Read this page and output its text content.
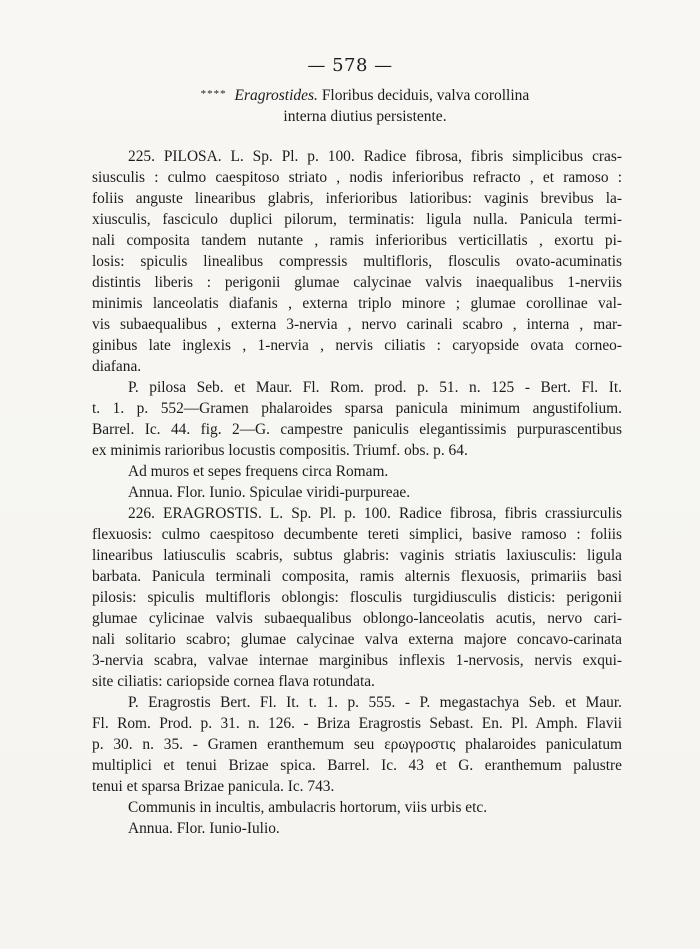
— 578 —
**** Eragrostides. Floribus deciduis, valva corollina
interna diutius persistente.
225. PILOSA. L. Sp. Pl. p. 100. Radice fibrosa, fibris simplicibus cras-
siusculis : culmo caespitoso striato , nodis inferioribus refracto , et ramoso :
foliis anguste linearibus glabris, inferioribus latioribus: vaginis brevibus la-
xiusculis, fasciculo duplici pilorum, terminatis: ligula nulla. Panicula termi-
nali composita tandem nutante , ramis inferioribus verticillatis , exortu pi-
losis: spiculis linealibus compressis multifloris, flosculis ovato-acuminatis
distintis liberis : perigonii glumae calycinae valvis inaequalibus 1-nerviis
minimis lanceolatis diafanis , externa triplo minore ; glumae corollinae val-
vis subaequalibus , externa 3-nervia , nervo carinali scabro , interna , mar-
ginibus late inglexis , 1-nervia , nervis ciliatis : caryopside ovata corneo-
diafana.
P. pilosa Seb. et Maur. Fl. Rom. prod. p. 51. n. 125 - Bert. Fl. It.
t. 1. p. 552—Gramen phalaroides sparsa panicula minimum angustifolium.
Barrel. Ic. 44. fig. 2—G. campestre paniculis elegantissimis purpurascentibus
ex minimis rarioribus locustis compositis. Triumf. obs. p. 64.
Ad muros et sepes frequens circa Romam.
Annua. Flor. Iunio. Spiculae viridi-purpureae.
226. ERAGROSTIS. L. Sp. Pl. p. 100. Radice fibrosa, fibris crassiurculis
flexuosis: culmo caespitoso decumbente tereti simplici, basive ramoso : foliis
linearibus latiusculis scabris, subtus glabris: vaginis striatis laxiusculis: ligula
barbata. Panicula terminali composita, ramis alternis flexuosis, primariis basi
pilosis: spiculis multifloris oblongis: flosculis turgidiusculis disticis: perigonii
glumae cylicinae valvis subaequalibus oblongo-lanceolatis acutis, nervo cari-
nali solitario scabro; glumae calycinae valva externa majore concavo-carinata
3-nervia scabra, valvae internae marginibus inflexis 1-nervosis, nervis exqui-
site ciliatis: cariopside cornea flava rotundata.
P. Eragrostis Bert. Fl. It. t. 1. p. 555. - P. megastachya Seb. et Maur.
Fl. Rom. Prod. p. 31. n. 126. - Briza Eragrostis Sebast. En. Pl. Amph. Flavii
p. 30. n. 35. - Gramen eranthemum seu ερωγροστις phalaroides paniculatum
multiplici et tenui Brizae spica. Barrel. Ic. 43 et G. eranthemum palustre
tenui et sparsa Brizae panicula. Ic. 743.
Communis in incultis, ambulacris hortorum, viis urbis etc.
Annua. Flor. Iunio-Iulio.
